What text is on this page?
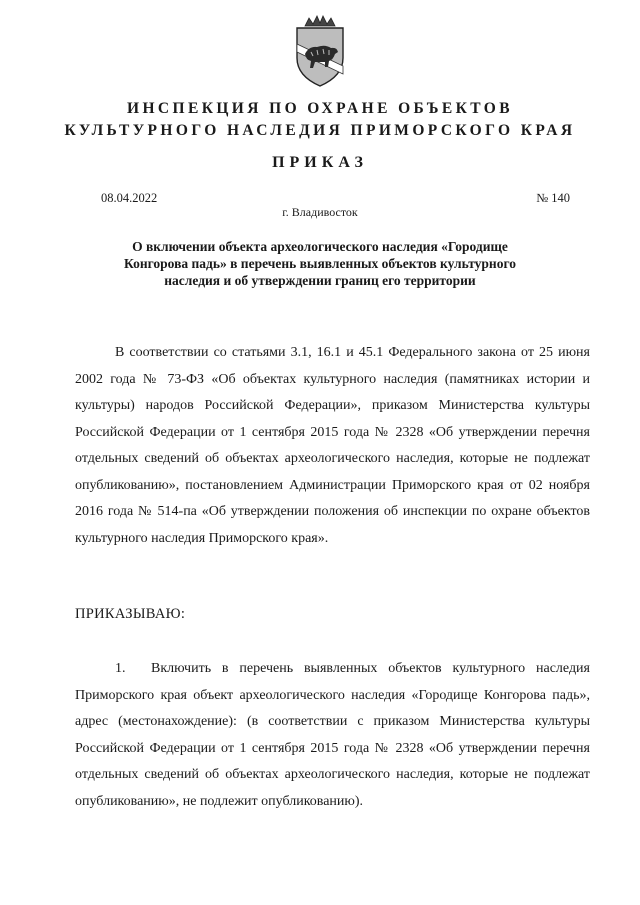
ИНСПЕКЦИЯ ПО ОХРАНЕ ОБЪЕКТОВ
КУЛЬТУРНОГО НАСЛЕДИЯ ПРИМОРСКОГО КРАЯ
ПРИКАЗ
08.04.2022	№ 140
г. Владивосток
О включении объекта археологического наследия «Городище Конгорова падь» в перечень выявленных объектов культурного наследия и об утверждении границ его территории
В соответствии со статьями 3.1, 16.1 и 45.1 Федерального закона от 25 июня 2002 года № 73-ФЗ «Об объектах культурного наследия (памятниках истории и культуры) народов Российской Федерации», приказом Министерства культуры Российской Федерации от 1 сентября 2015 года № 2328 «Об утверждении перечня отдельных сведений об объектах археологического наследия, которые не подлежат опубликованию», постановлением Администрации Приморского края от 02 ноября 2016 года № 514-па «Об утверждении положения об инспекции по охране объектов культурного наследия Приморского края».
ПРИКАЗЫВАЮ:
1. Включить в перечень выявленных объектов культурного наследия Приморского края объект археологического наследия «Городище Конгорова падь», адрес (местонахождение): (в соответствии с приказом Министерства культуры Российской Федерации от 1 сентября 2015 года № 2328 «Об утверждении перечня отдельных сведений об объектах археологического наследия, которые не подлежат опубликованию», не подлежит опубликованию).
